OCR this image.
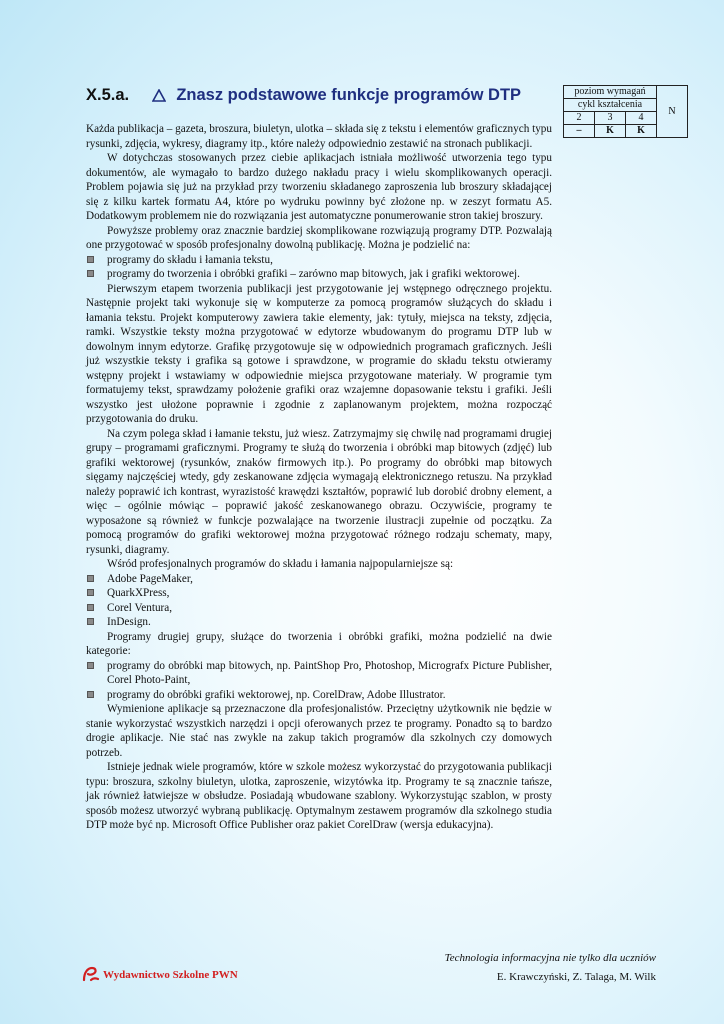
X.5.a.	Znasz podstawowe funkcje programów DTP	poziom wymagań			N
cykl kształcenia			
2	3	4	
–	K	K	

Każda publikacja – gazeta, broszura, biuletyn, ulotka – składa się z tekstu i elementów graficznych typu rysunki, zdjęcia, wykresy, diagramy itp., które należy odpowiednio zestawić na stronach publikacji.

W dotychczas stosowanych przez ciebie aplikacjach istniała możliwość utworzenia tego typu dokumentów, ale wymagało to bardzo dużego nakładu pracy i wielu skomplikowanych operacji. Problem pojawia się już na przykład przy tworzeniu składanego zaproszenia lub broszury składającej się z kilku kartek formatu A4, które po wydruku powinny być złożone np. w zeszyt formatu A5. Dodatkowym problemem nie do rozwiązania jest automatyczne ponumerowanie stron takiej broszury.

Powyższe problemy oraz znacznie bardziej skomplikowane rozwiązują programy DTP. Pozwalają one przygotować w sposób profesjonalny dowolną publikację. Można je podzielić na:

programy do składu i łamania tekstu,
programy do tworzenia i obróbki grafiki – zarówno map bitowych, jak i grafiki wektorowej.

Pierwszym etapem tworzenia publikacji jest przygotowanie jej wstępnego odręcznego projektu. Następnie projekt taki wykonuje się w komputerze za pomocą programów służących do składu i łamania tekstu. Projekt komputerowy zawiera takie elementy, jak: tytuły, miejsca na teksty, zdjęcia, ramki. Wszystkie teksty można przygotować w edytorze wbudowanym do programu DTP lub w dowolnym innym edytorze. Grafikę przygotowuje się w odpowiednich programach graficznych. Jeśli już wszystkie teksty i grafika są gotowe i sprawdzone, w programie do składu tekstu otwieramy wstępny projekt i wstawiamy w odpowiednie miejsca przygotowane materiały. W programie tym formatujemy tekst, sprawdzamy położenie grafiki oraz wzajemne dopasowanie tekstu i grafiki. Jeśli wszystko jest ułożone poprawnie i zgodnie z zaplanowanym projektem, można rozpocząć przygotowania do druku.

Na czym polega skład i łamanie tekstu, już wiesz. Zatrzymajmy się chwilę nad programami drugiej grupy – programami graficznymi. Programy te służą do tworzenia i obróbki map bitowych (zdjęć) lub grafiki wektorowej (rysunków, znaków firmowych itp.). Po programy do obróbki map bitowych sięgamy najczęściej wtedy, gdy zeskanowane zdjęcia wymagają elektronicznego retuszu. Na przykład należy poprawić ich kontrast, wyrazistość krawędzi kształtów, poprawić lub dorobić drobny element, a więc – ogólnie mówiąc – poprawić jakość zeskanowanego obrazu. Oczywiście, programy te wyposażone są również w funkcje pozwalające na tworzenie ilustracji zupełnie od początku. Za pomocą programów do grafiki wektorowej można przygotować różnego rodzaju schematy, mapy, rysunki, diagramy.

Wśród profesjonalnych programów do składu i łamania najpopularniejsze są:

Adobe PageMaker,
QuarkXPress,
Corel Ventura,
InDesign.

Programy drugiej grupy, służące do tworzenia i obróbki grafiki, można podzielić na dwie kategorie:

programy do obróbki map bitowych, np. PaintShop Pro, Photoshop, Micrografx Picture Publisher, Corel Photo-Paint,
programy do obróbki grafiki wektorowej, np. CorelDraw, Adobe Illustrator.

Wymienione aplikacje są przeznaczone dla profesjonalistów. Przeciętny użytkownik nie będzie w stanie wykorzystać wszystkich narzędzi i opcji oferowanych przez te programy. Ponadto są to bardzo drogie aplikacje. Nie stać nas zwykle na zakup takich programów dla szkolnych czy domowych potrzeb.

Istnieje jednak wiele programów, które w szkole możesz wykorzystać do przygotowania publikacji typu: broszura, szkolny biuletyn, ulotka, zaproszenie, wizytówka itp. Programy te są znacznie tańsze, jak również łatwiejsze w obsłudze. Posiadają wbudowane szablony. Wykorzystując szablon, w prosty sposób możesz utworzyć wybraną publikację. Optymalnym zestawem programów dla szkolnego studia DTP może być np. Microsoft Office Publisher oraz pakiet CorelDraw (wersja edukacyjna).

Wydawnictwo Szkolne PWN
Technologia informacyjna nie tylko dla uczniów
E. Krawczyński, Z. Talaga, M. Wilk
